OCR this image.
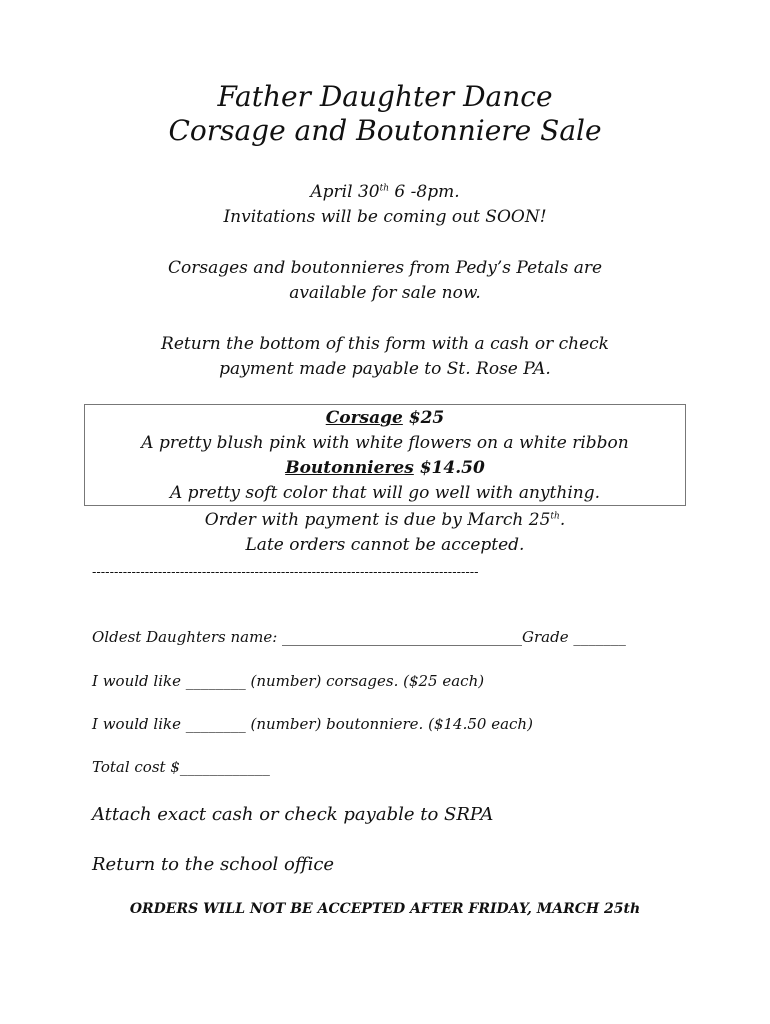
Father Daughter Dance
Corsage and Boutonniere Sale
April 30th 6 -8pm.
Invitations will be coming out SOON!
Corsages and boutonnieres from Pedy’s Petals are
available for sale now.
Return the bottom of this form with a cash or check
payment made payable to St. Rose PA.
Corsage $25
A pretty blush pink with white flowers on a white ribbon
Boutonnieres $14.50
A pretty soft color that will go well with anything.
Order with payment is due by March 25th.
Late orders cannot be accepted.
----------------------------------------------------------------------------------------
Oldest Daughters name: ________________________________Grade _______
I would like ________ (number) corsages. ($25 each)
I would like ________ (number) boutonniere. ($14.50 each)
Total cost $____________
Attach exact cash or check payable to SRPA
Return to the school office
ORDERS WILL NOT BE ACCEPTED AFTER FRIDAY, MARCH 25th
